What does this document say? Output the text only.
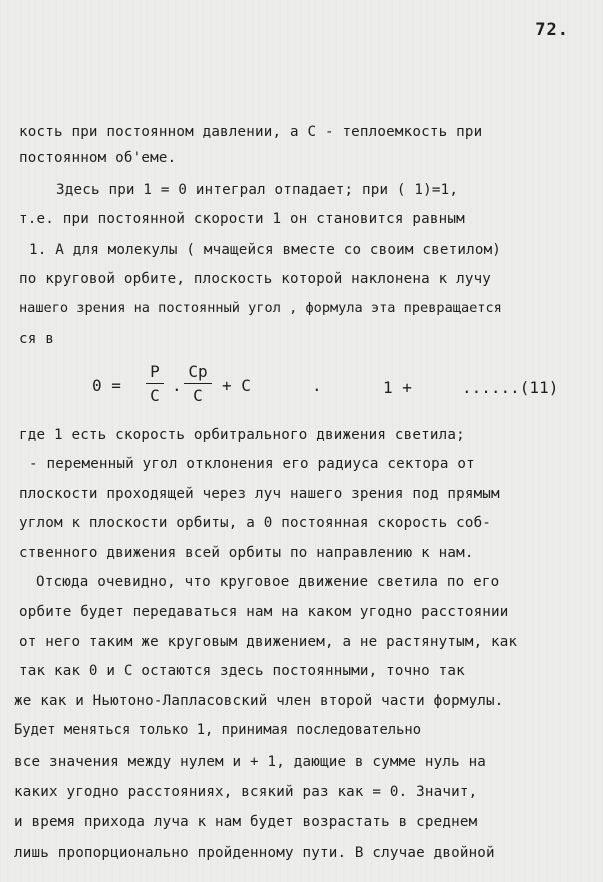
72.
кость при постоянном давлении, а С - теплоемкость при
постоянном об'еме.
Здесь при 1 = 0 интеграл отпадает; при ( 1)=1,
т.е. при постоянной скорости 1 он становится равным
1. А для молекулы ( мчащейся вместе со своим светилом)
по круговой орбите, плоскость которой наклонена к лучу
нашего зрения на постоянный угол , формула эта превращается
ся в
0 =
P
C
.
Cp
C
+ C	.	1 +	......(11)
где 1 есть скорость орбитрального движения светила;
- переменный угол отклонения его радиуса сектора от
плоскости проходящей через луч нашего зрения под прямым
углом к плоскости орбиты, а 0 постоянная скорость соб-
ственного движения всей орбиты по направлению к нам.
Отсюда очевидно, что круговое движение светила по его
орбите будет передаваться нам на каком угодно расстоянии
от него таким же круговым движением, а не растянутым, как
так как 0 и С остаются здесь постоянными, точно так
же как и Ньютоно-Лапласовский член второй части формулы.
Будет меняться только 1, принимая последовательно
все значения между нулем и + 1, дающие в сумме нуль на
каких угодно расстояниях, всякий раз как = 0. Значит,
и время прихода луча к нам будет возрастать в среднем
лишь пропорционально пройденному пути. В случае двойной
